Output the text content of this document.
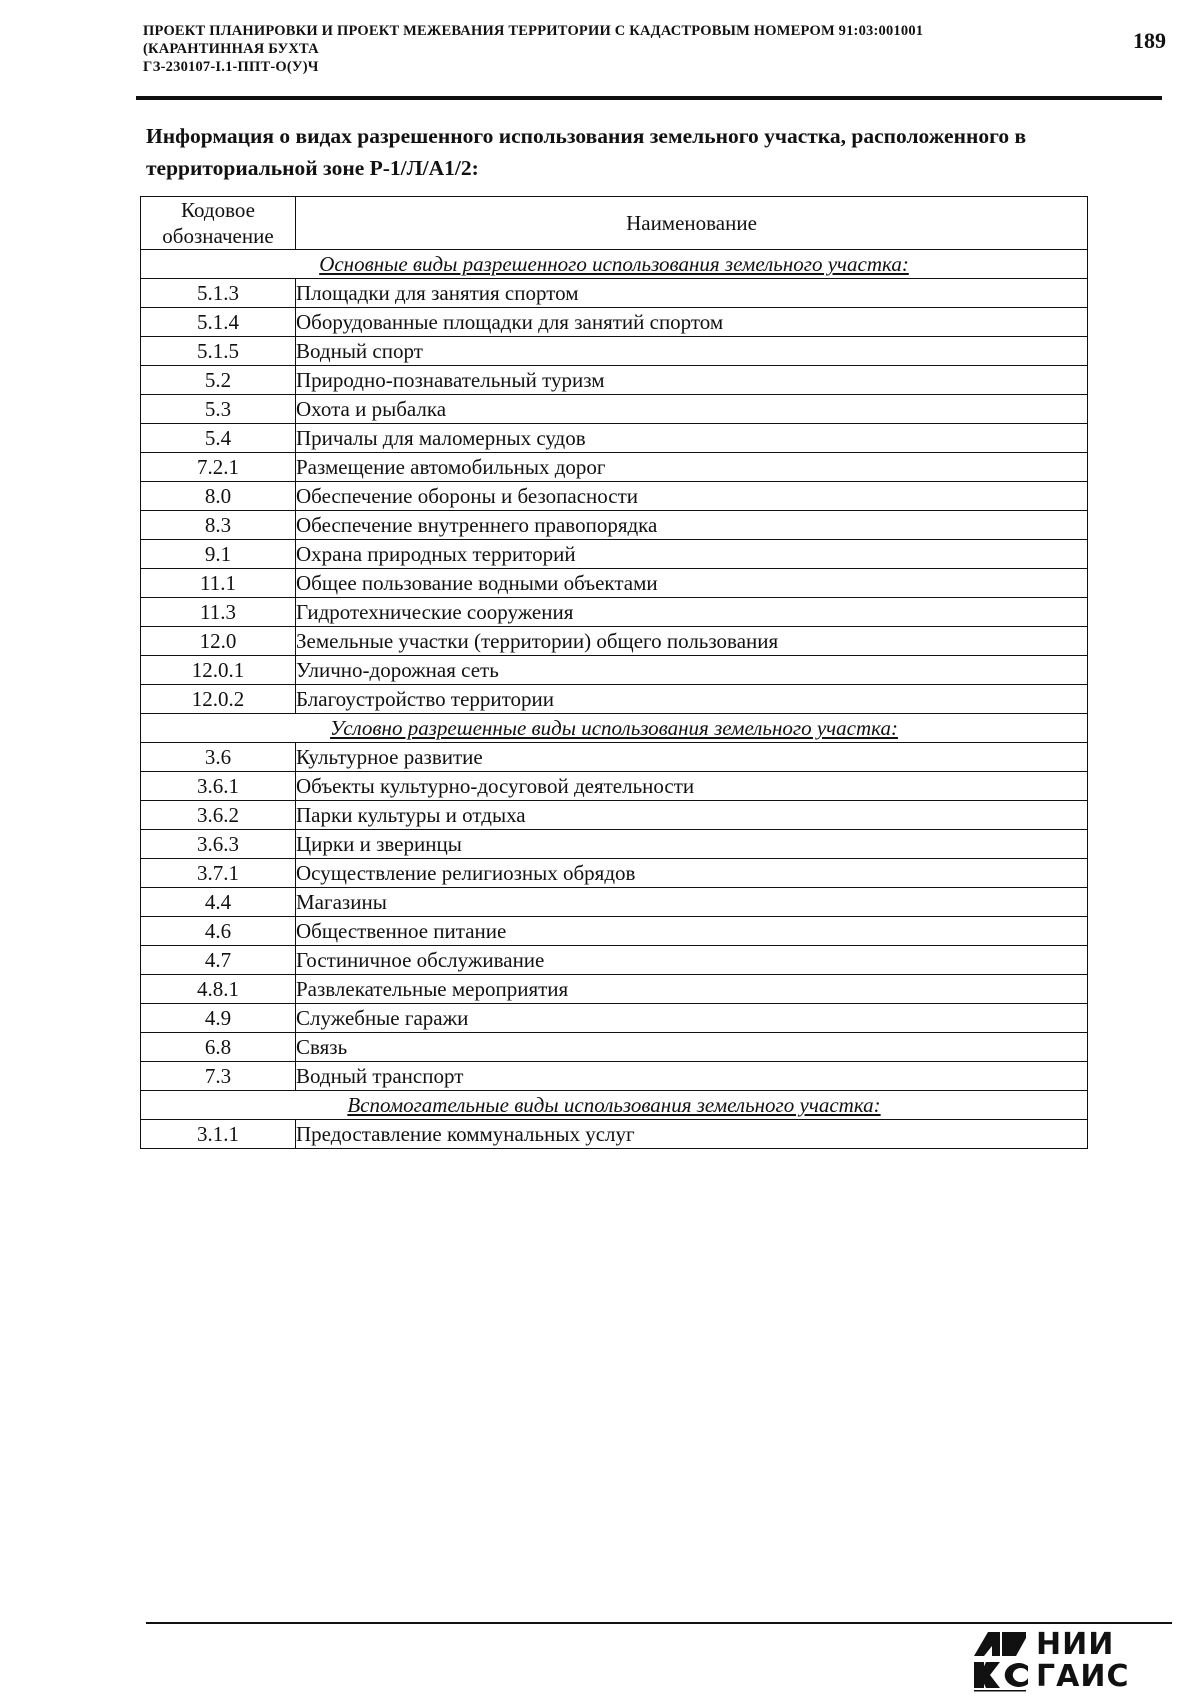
ПРОЕКТ ПЛАНИРОВКИ И ПРОЕКТ МЕЖЕВАНИЯ ТЕРРИТОРИИ С КАДАСТРОВЫМ НОМЕРОМ 91:03:001001
(КАРАНТИННАЯ БУХТА
ГЗ-230107-I.1-ППТ-О(У)Ч
189
Информация о видах разрешенного использования земельного участка, расположенного в территориальной зоне Р-1/Л/А1/2:
Кодовое обозначение	Наименование
Основные виды разрешенного использования земельного участка:	
5.1.3	Площадки для занятия спортом
5.1.4	Оборудованные площадки для занятий спортом
5.1.5	Водный спорт
5.2	Природно-познавательный туризм
5.3	Охота и рыбалка
5.4	Причалы для маломерных судов
7.2.1	Размещение автомобильных дорог
8.0	Обеспечение обороны и безопасности
8.3	Обеспечение внутреннего правопорядка
9.1	Охрана природных территорий
11.1	Общее пользование водными объектами
11.3	Гидротехнические сооружения
12.0	Земельные участки (территории) общего пользования
12.0.1	Улично-дорожная сеть
12.0.2	Благоустройство территории
Условно разрешенные виды использования земельного участка:	
3.6	Культурное развитие
3.6.1	Объекты культурно-досуговой деятельности
3.6.2	Парки культуры и отдыха
3.6.3	Цирки и зверинцы
3.7.1	Осуществление религиозных обрядов
4.4	Магазины
4.6	Общественное питание
4.7	Гостиничное обслуживание
4.8.1	Развлекательные мероприятия
4.9	Служебные гаражи
6.8	Связь
7.3	Водный транспорт
Вспомогательные виды использования земельного участка:	
3.1.1	Предоставление коммунальных услуг
НИИ
ГАИС
